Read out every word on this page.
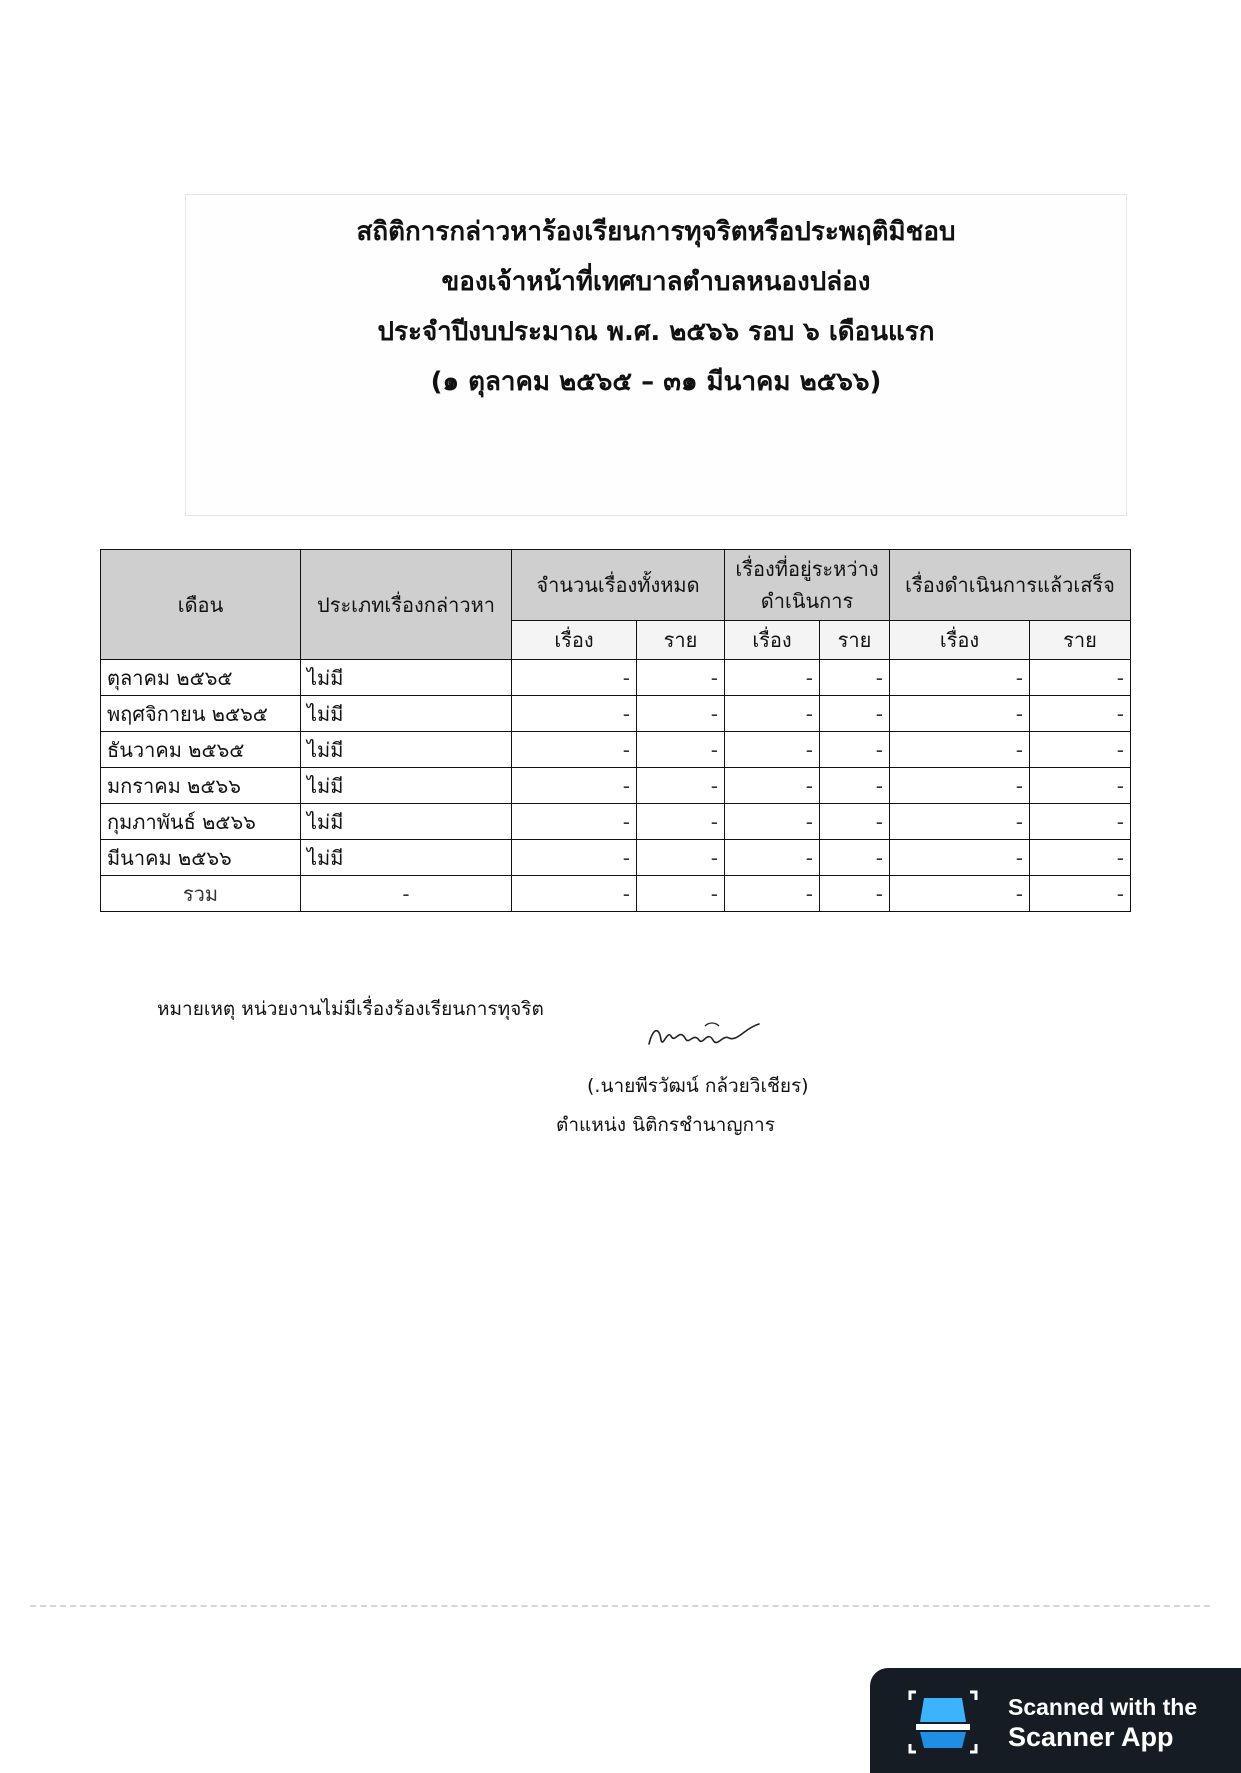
สถิติการกล่าวหาร้องเรียนการทุจริตหรือประพฤติมิชอบ
ของเจ้าหน้าที่เทศบาลตำบลหนองปล่อง
ประจำปีงบประมาณ พ.ศ. ๒๕๖๖ รอบ ๖ เดือนแรก
(๑ ตุลาคม ๒๕๖๕ – ๓๑ มีนาคม ๒๕๖๖)
เดือน	ประเภทเรื่องกล่าวหา	จำนวนเรื่องทั้งหมด		เรื่องที่อยู่ระหว่าง
ดำเนินการ		เรื่องดำเนินการแล้วเสร็จ	
		เรื่อง	ราย	เรื่อง	ราย	เรื่อง	ราย
ตุลาคม ๒๕๖๕	ไม่มี	-	-	-	-	-	-
พฤศจิกายน ๒๕๖๕	ไม่มี	-	-	-	-	-	-
ธันวาคม ๒๕๖๕	ไม่มี	-	-	-	-	-	-
มกราคม ๒๕๖๖	ไม่มี	-	-	-	-	-	-
กุมภาพันธ์ ๒๕๖๖	ไม่มี	-	-	-	-	-	-
มีนาคม ๒๕๖๖	ไม่มี	-	-	-	-	-	-
รวม	-	-	-	-	-	-	-
หมายเหตุ หน่วยงานไม่มีเรื่องร้องเรียนการทุจริต
(.นายพีรวัฒน์ กล้วยวิเชียร)
ตำแหน่ง นิติกรชำนาญการ
Scanned with the
Scanner App
